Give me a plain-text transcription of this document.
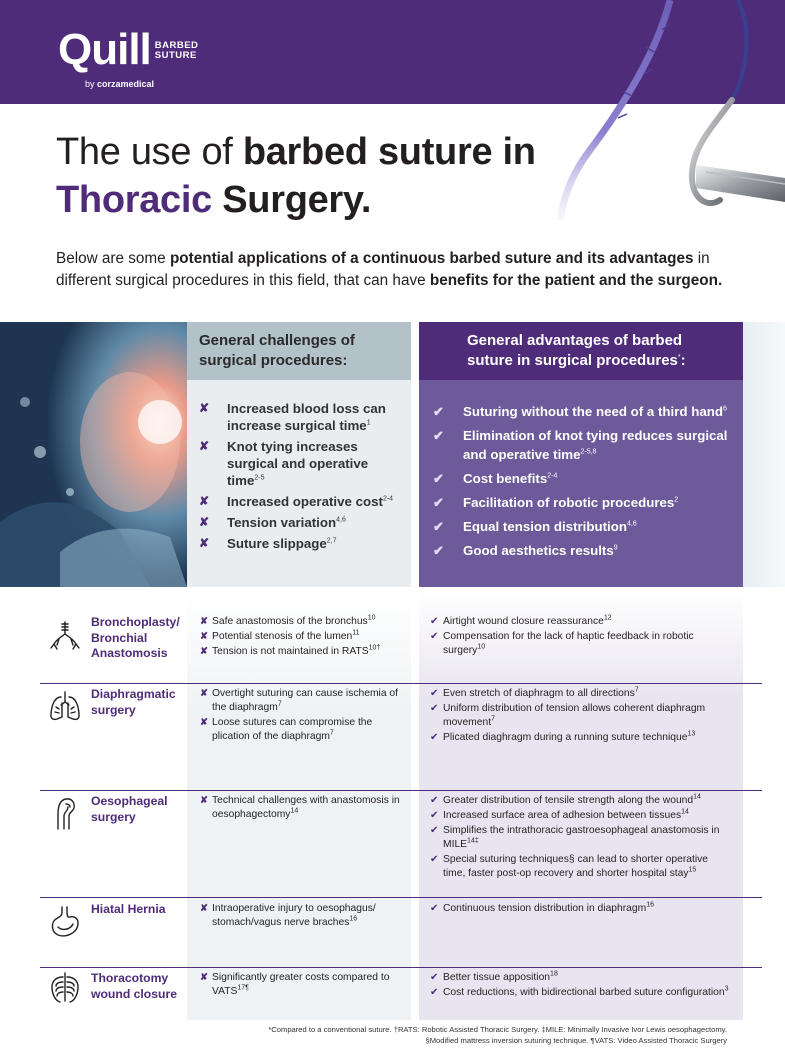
Quill BARBED
SUTURE
by corzamedical
The use of barbed suture in
Thoracic Surgery.

Below are some potential applications of a continuous barbed suture and its advantages in different surgical procedures in this field, that can have benefits for the patient and the surgeon.

General challenges of
surgical procedures:
✘ Increased blood loss can increase surgical time$^1$
✘ Knot tying increases surgical and operative time$^{2-5}$
✘ Increased operative cost$^{2-4}$
✘ Tension variation$^{4,6}$
✘ Suture slippage$^{2,7}$
General advantages of barbed
suture in surgical procedures*:
✔ Suturing without the need of a third hand$^6$
✔ Elimination of knot tying reduces surgical and operative time$^{2-5,8}$
✔ Cost benefits$^{2-4}$
✔ Facilitation of robotic procedures$^2$
✔ Equal tension distribution$^{4,6}$
✔ Good aesthetics results$^9$
Bronchoplasty/ Bronchial Anastomosis
✘ Safe anastomosis of the bronchus$^{10}$
✘ Potential stenosis of the lumen$^{11}$
✘ Tension is not maintained in $RATS^{10\dagger}$
✔ Airtight wound closure reassurance$^{12}$
✔ Compensation for the lack of haptic feedback in robotic surgery$^{10}$
Diaphragmatic surgery
✘ Overtight suturing can cause ischemia of the diaphragm$^7$
✘ Loose sutures can compromise the plication of the diaphragm$^7$
✔ Even stretch of diaphragm to all directions$^7$
✔ Uniform distribution of tension allows coherent diaphragm movement$^7$
✔ Plicated diaghragm during a running suture technique$^{13}$
Oesophageal surgery
✘ Technical challenges with anastomosis in oesophagectomy$^{14}$
✔ Greater distribution of tensile strength along the wound$^{14}$
✔ Increased surface area of adhesion between tissues$^{14}$
✔ Simplifies the intrathoracic gastroesophageal anastomosis in $MILE^{14\ddagger}$
✔ Special suturing techniques§ can lead to shorter operative time, faster post-op recovery and shorter hospital stay$^{15}$
Hiatal Hernia	✘ Intraoperative injury to oesophagus/ stomach/vagus nerve braches$^{16}$
✔ Continuous tension distribution in diaphragm$^{16}$
Thoracotomy wound closure
✘ Significantly greater costs compared to $VATS^{17\P}$
✔ Better tissue apposition$^{18}$
✔ Cost reductions, with bidirectional barbed suture configuration$^3$
*Compared to a conventional suture. †RATS: Robotic Assisted Thoracic Surgery. ‡MILE: Minimally Invasive Ivor Lewis oesophagectomy.
§Modified mattress inversion suturing technique. ¶VATS: Video Assisted Thoracic Surgery
